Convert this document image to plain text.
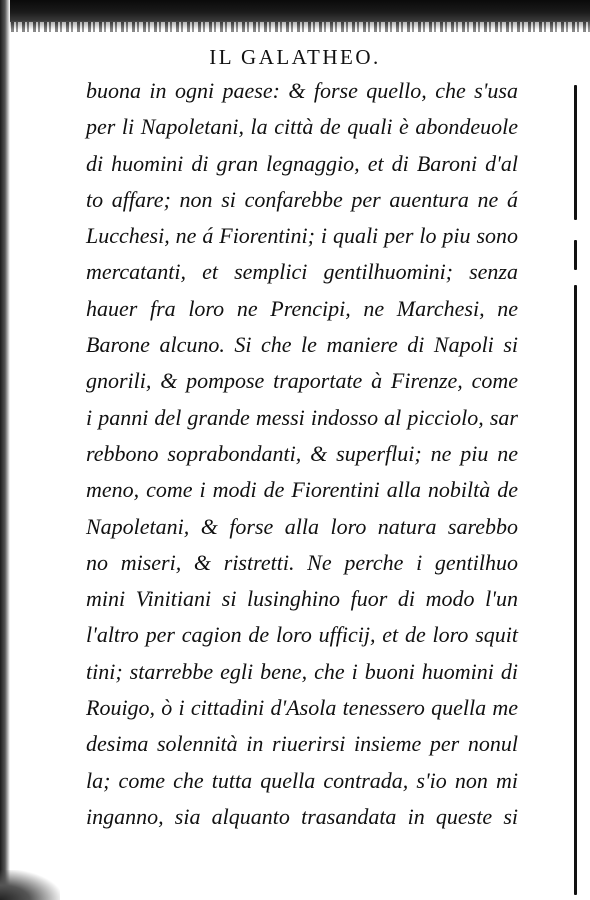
IL GALATHEO.
buona in ogni paese: & forse quello, che s'usa
per li Napoletani, la città de quali è abondeuole
di huomini di gran legnaggio, et di Baroni d'al
to affare; non si confarebbe per auentura ne á
Lucchesi, ne á Fiorentini; i quali per lo piu sono
mercatanti, et semplici gentilhuomini; senza
hauer fra loro ne Prencipi, ne Marchesi, ne
Barone alcuno. Si che le maniere di Napoli si
gnorili, & pompose traportate à Firenze, come
i panni del grande messi indosso al picciolo, sar
rebbono soprabondanti, & superflui; ne piu ne
meno, come i modi de Fiorentini alla nobiltà de
Napoletani, & forse alla loro natura sarebbo
no miseri, & ristretti. Ne perche i gentilhuo
mini Vinitiani si lusinghino fuor di modo l'un
l'altro per cagion de loro ufficij, et de loro squit
tini; starrebbe egli bene, che i buoni huomini di
Rouigo, ò i cittadini d'Asola tenessero quella me
desima solennità in riuerirsi insieme per nonul
la; come che tutta quella contrada, s'io non mi
inganno, sia alquanto trasandata in queste si
